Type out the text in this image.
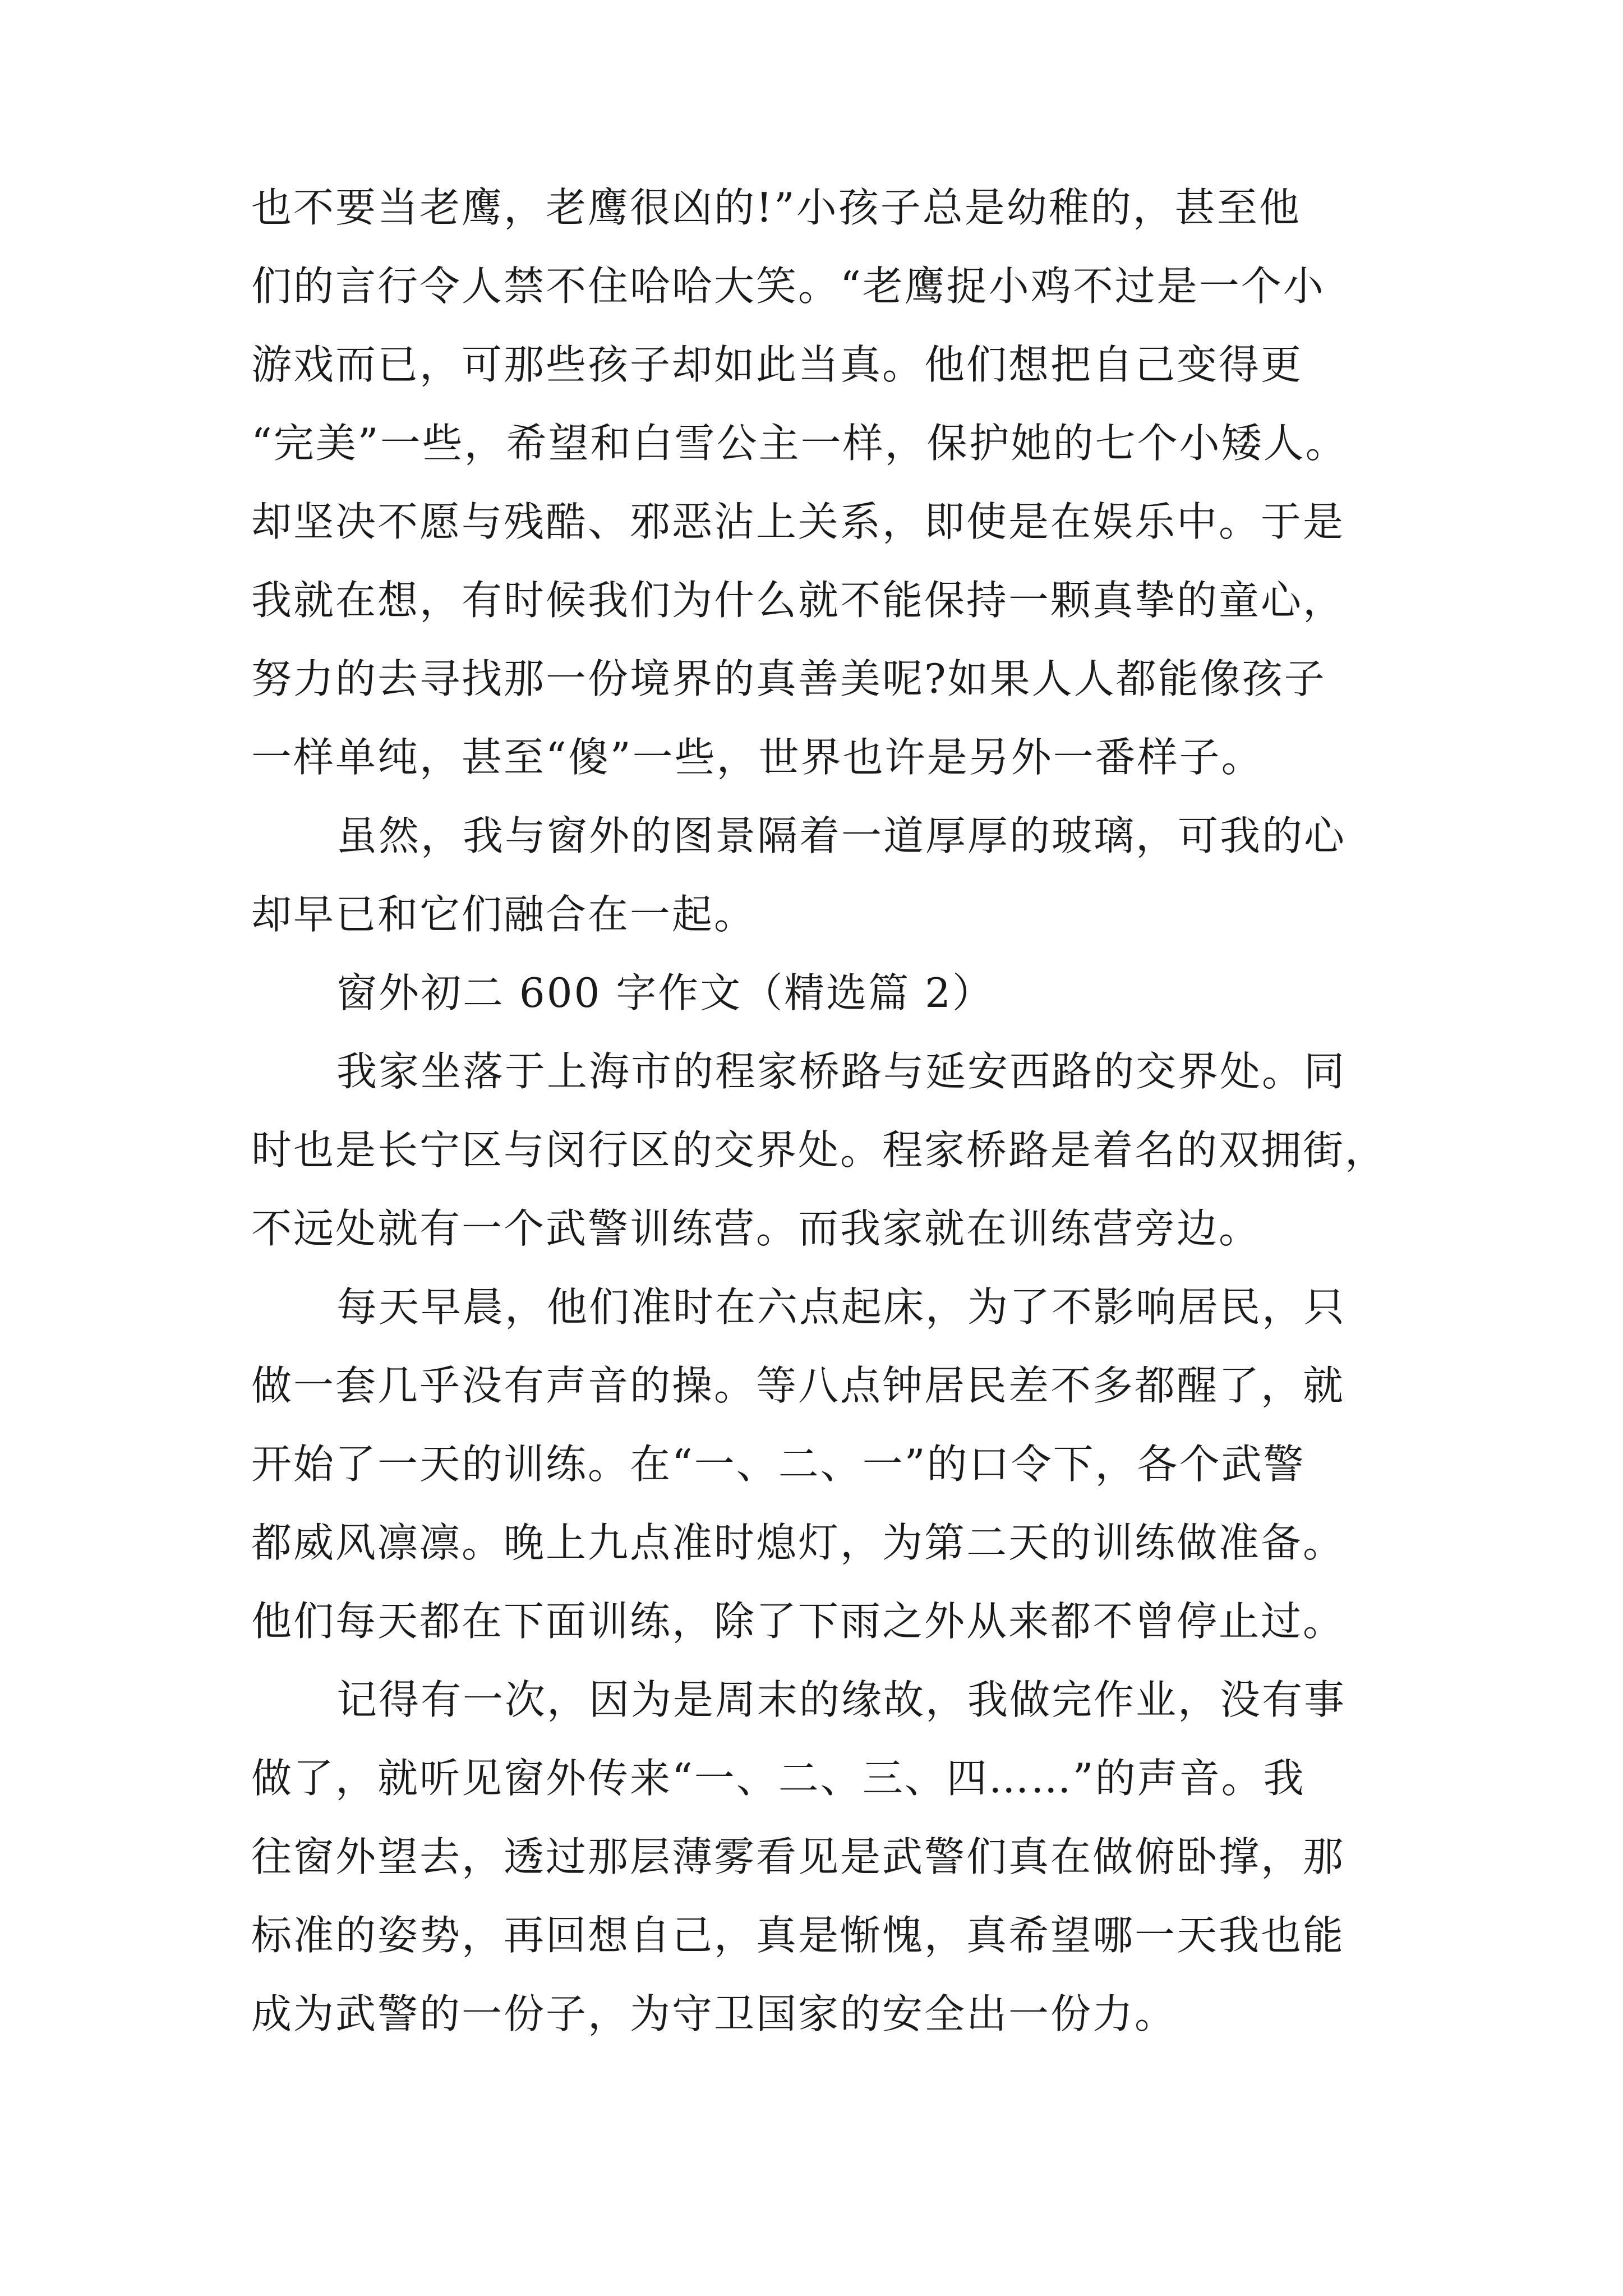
也不要当老鹰，老鹰很凶的!”小孩子总是幼稚的，甚至他
们的言行令人禁不住哈哈大笑。“老鹰捉小鸡不过是一个小
游戏而已，可那些孩子却如此当真。他们想把自己变得更
“完美”一些，希望和白雪公主一样，保护她的七个小矮人。
却坚决不愿与残酷、邪恶沾上关系，即使是在娱乐中。于是
我就在想，有时候我们为什么就不能保持一颗真挚的童心，
努力的去寻找那一份境界的真善美呢?如果人人都能像孩子
一样单纯，甚至“傻”一些，世界也许是另外一番样子。
虽然，我与窗外的图景隔着一道厚厚的玻璃，可我的心
却早已和它们融合在一起。
窗外初二 600 字作文（精选篇 2）
我家坐落于上海市的程家桥路与延安西路的交界处。同
时也是长宁区与闵行区的交界处。程家桥路是着名的双拥街，
不远处就有一个武警训练营。而我家就在训练营旁边。
每天早晨，他们准时在六点起床，为了不影响居民，只
做一套几乎没有声音的操。等八点钟居民差不多都醒了，就
开始了一天的训练。在“一、二、一”的口令下，各个武警
都威风凛凛。晚上九点准时熄灯，为第二天的训练做准备。
他们每天都在下面训练，除了下雨之外从来都不曾停止过。
记得有一次，因为是周末的缘故，我做完作业，没有事
做了，就听见窗外传来“一、二、三、四……”的声音。我
往窗外望去，透过那层薄雾看见是武警们真在做俯卧撑，那
标准的姿势，再回想自己，真是惭愧，真希望哪一天我也能
成为武警的一份子，为守卫国家的安全出一份力。
